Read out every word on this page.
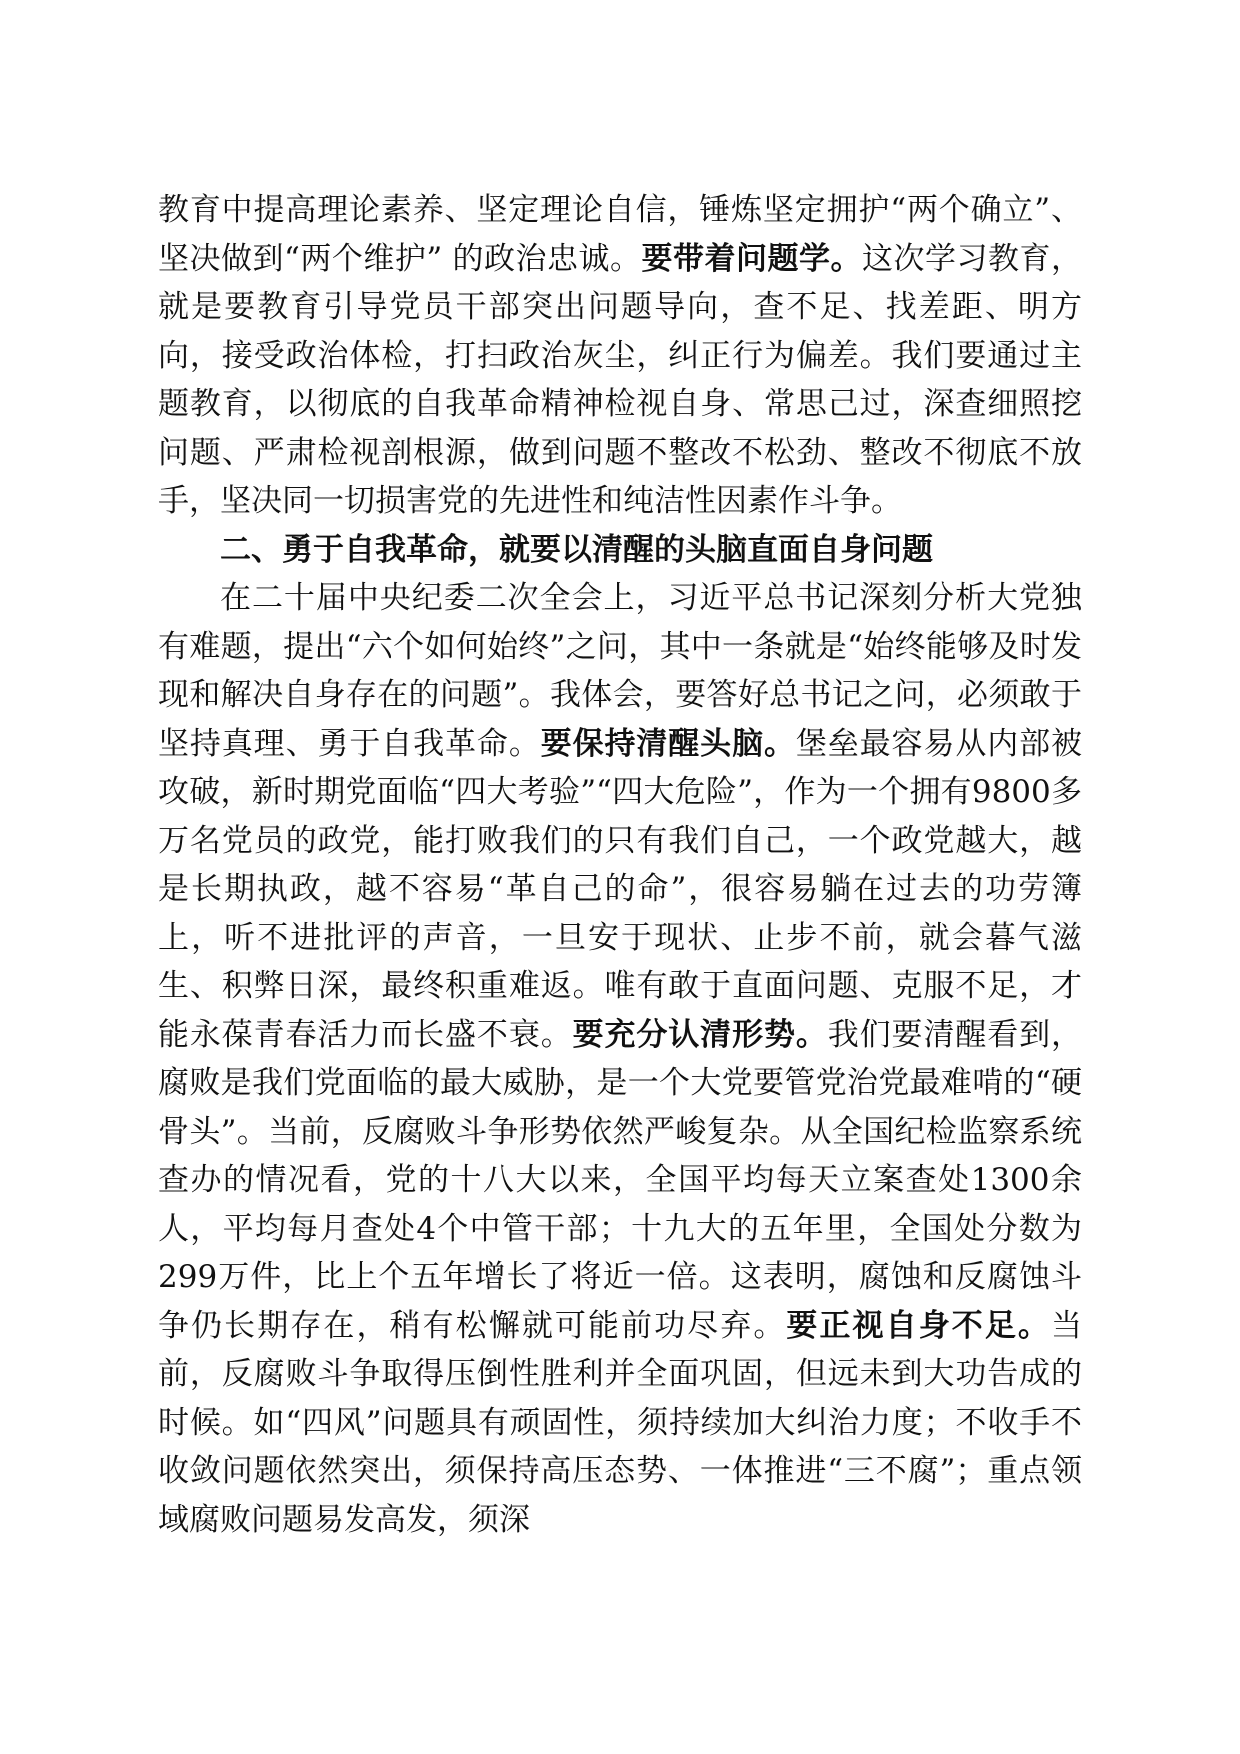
教育中提高理论素养、坚定理论自信，锤炼坚定拥护“两个确立”、坚决做到“两个维护” 的政治忠诚。要带着问题学。这次学习教育，就是要教育引导党员干部突出问题导向，查不足、找差距、明方向，接受政治体检，打扫政治灰尘，纠正行为偏差。我们要通过主题教育，以彻底的自我革命精神检视自身、常思己过，深查细照挖问题、严肃检视剖根源，做到问题不整改不松劲、整改不彻底不放手，坚决同一切损害党的先进性和纯洁性因素作斗争。

二、勇于自我革命，就要以清醒的头脑直面自身问题

在二十届中央纪委二次全会上，习近平总书记深刻分析大党独有难题，提出“六个如何始终”之问，其中一条就是“始终能够及时发现和解决自身存在的问题”。我体会，要答好总书记之问，必须敢于坚持真理、勇于自我革命。要保持清醒头脑。堡垒最容易从内部被攻破，新时期党面临“四大考验”“四大危险”，作为一个拥有9800多万名党员的政党，能打败我们的只有我们自己，一个政党越大，越是长期执政，越不容易“革自己的命”，很容易躺在过去的功劳簿上，听不进批评的声音，一旦安于现状、止步不前，就会暮气滋生、积弊日深，最终积重难返。唯有敢于直面问题、克服不足，才能永葆青春活力而长盛不衰。要充分认清形势。我们要清醒看到，腐败是我们党面临的最大威胁，是一个大党要管党治党最难啃的“硬骨头”。当前，反腐败斗争形势依然严峻复杂。从全国纪检监察系统查办的情况看，党的十八大以来，全国平均每天立案查处1300余人，平均每月查处4个中管干部；十九大的五年里，全国处分数为299万件，比上个五年增长了将近一倍。这表明，腐蚀和反腐蚀斗争仍长期存在，稍有松懈就可能前功尽弃。要正视自身不足。当前，反腐败斗争取得压倒性胜利并全面巩固，但远未到大功告成的时候。如“四风”问题具有顽固性，须持续加大纠治力度；不收手不收敛问题依然突出，须保持高压态势、一体推进“三不腐”；重点领域腐败问题易发高发，须深
